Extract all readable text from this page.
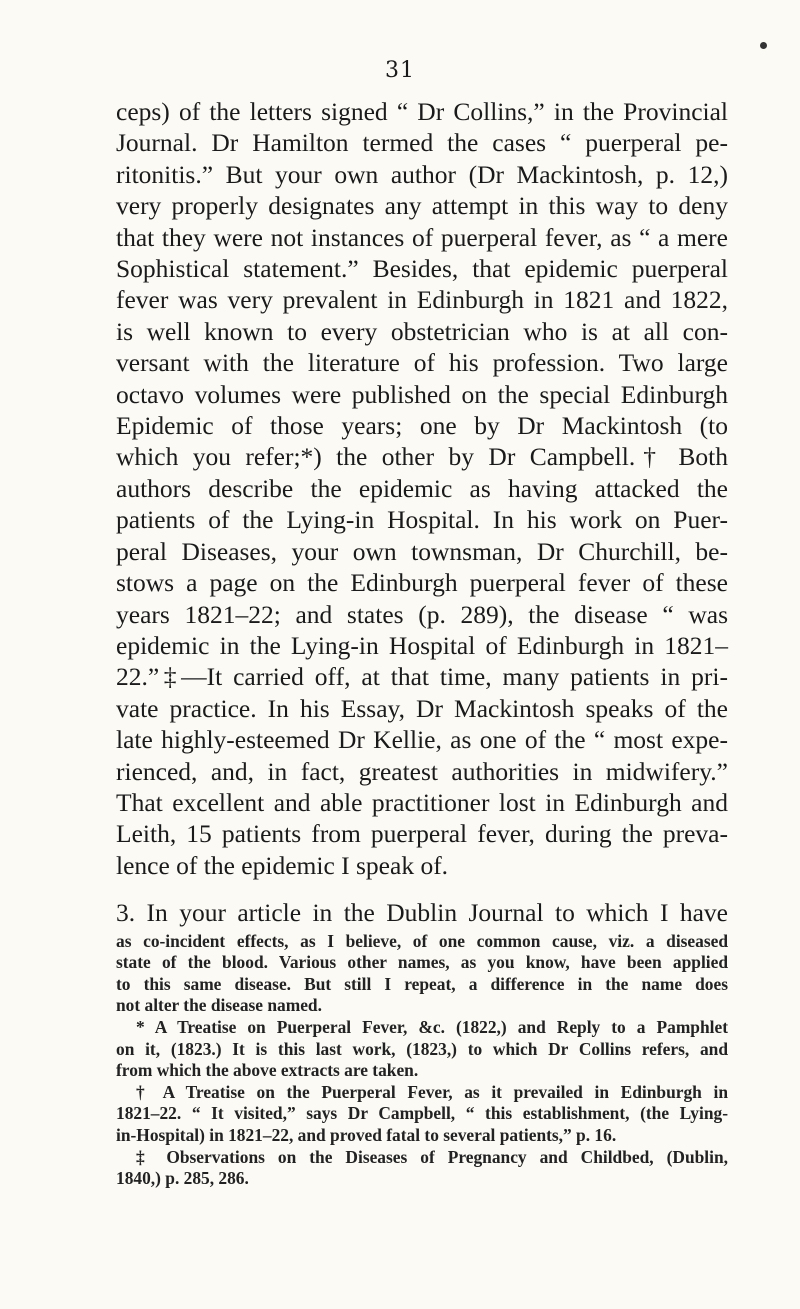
31

ceps) of the letters signed “ Dr Collins,” in the Provincial
Journal. Dr Hamilton termed the cases “ puerperal pe-
ritonitis.” But your own author (Dr Mackintosh, p. 12,)
very properly designates any attempt in this way to deny
that they were not instances of puerperal fever, as “ a mere
Sophistical statement.” Besides, that epidemic puerperal
fever was very prevalent in Edinburgh in 1821 and 1822,
is well known to every obstetrician who is at all con-
versant with the literature of his profession. Two large
octavo volumes were published on the special Edinburgh
Epidemic of those years; one by Dr Mackintosh (to
which you refer;*) the other by Dr Campbell.† Both
authors describe the epidemic as having attacked the
patients of the Lying-in Hospital. In his work on Puer-
peral Diseases, your own townsman, Dr Churchill, be-
stows a page on the Edinburgh puerperal fever of these
years 1821–22; and states (p. 289), the disease “ was
epidemic in the Lying-in Hospital of Edinburgh in 1821–
22.”‡—It carried off, at that time, many patients in pri-
vate practice. In his Essay, Dr Mackintosh speaks of the
late highly-esteemed Dr Kellie, as one of the “ most expe-
rienced, and, in fact, greatest authorities in midwifery.”
That excellent and able practitioner lost in Edinburgh and
Leith, 15 patients from puerperal fever, during the preva-
lence of the epidemic I speak of.

3. In your article in the Dublin Journal to which I have

as co-incident effects, as I believe, of one common cause, viz. a diseased
state of the blood. Various other names, as you know, have been applied
to this same disease. But still I repeat, a difference in the name does
not alter the disease named.
* A Treatise on Puerperal Fever, &c. (1822,) and Reply to a Pamphlet
on it, (1823.) It is this last work, (1823,) to which Dr Collins refers, and
from which the above extracts are taken.
† A Treatise on the Puerperal Fever, as it prevailed in Edinburgh in
1821–22. “ It visited,” says Dr Campbell, “ this establishment, (the Lying-
in-Hospital) in 1821–22, and proved fatal to several patients,” p. 16.
‡ Observations on the Diseases of Pregnancy and Childbed, (Dublin,
1840,) p. 285, 286.
